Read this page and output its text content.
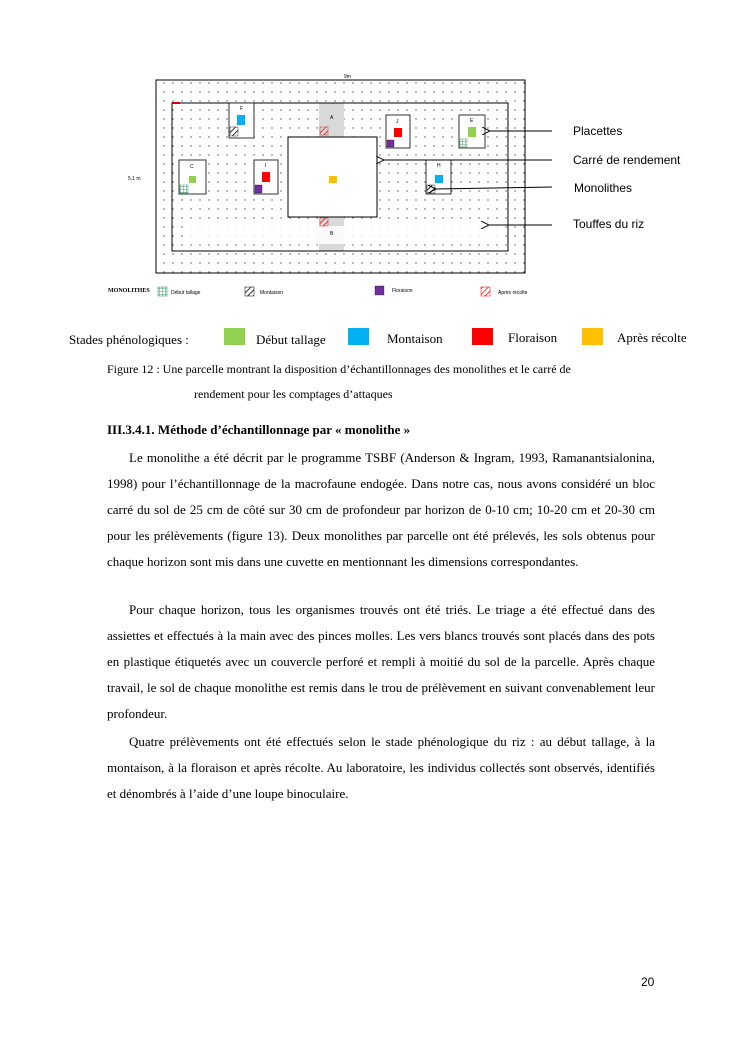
9m
5.1 m
F
A
J	E
C	I	H
B
MONOLITHES	Début tallage	Montaison	Floraison	Après récolte
Placettes
Carré de rendement
Monolithes
Touffes du riz
Stades phénologiques :	Début tallage	Montaison	Floraison	Après récolte
Figure 12 : Une parcelle montrant la disposition d’échantillonnages des monolithes et le carré de
rendement pour les comptages d’attaques
III.3.4.1. Méthode d’échantillonnage par « monolithe »
Le monolithe a été décrit par le programme TSBF (Anderson & Ingram, 1993, Ramanantsialonina, 1998) pour l’échantillonnage de la macrofaune endogée. Dans notre cas, nous avons considéré un bloc carré du sol de 25 cm de côté sur 30 cm de profondeur par horizon de 0-10 cm; 10-20 cm et 20-30 cm pour les prélèvements (figure 13). Deux monolithes par parcelle ont été prélevés, les sols obtenus pour chaque horizon sont mis dans une cuvette en mentionnant les dimensions correspondantes.
Pour chaque horizon, tous les organismes trouvés ont été triés. Le triage a été effectué dans des assiettes et effectués à la main avec des pinces molles. Les vers blancs trouvés sont placés dans des pots en plastique étiquetés avec un couvercle perforé et rempli à moitié du sol de la parcelle. Après chaque travail, le sol de chaque monolithe est remis dans le trou de prélèvement en suivant convenablement leur profondeur.
Quatre prélèvements ont été effectués selon le stade phénologique du riz : au début tallage, à la montaison, à la floraison et après récolte. Au laboratoire, les individus collectés sont observés, identifiés et dénombrés à l’aide d’une loupe binoculaire.
20
